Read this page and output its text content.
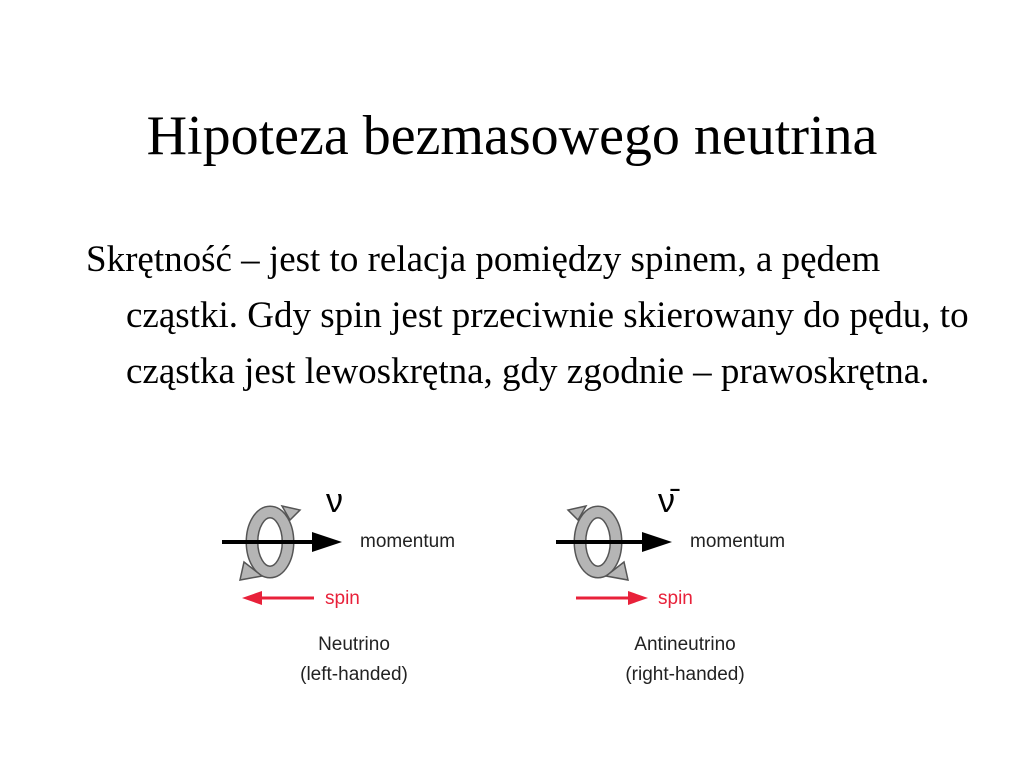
Hipoteza bezmasowego neutrina

Skrętność – jest to relacja pomiędzy spinem, a pędem cząstki. Gdy spin jest przeciwnie skierowany do pędu, to cząstka jest lewoskrętna, gdy zgodnie – prawoskrętna.

ν
momentum
spin
ν̄
momentum
spin
Neutrino
(left-handed)
Antineutrino
(right-handed)
